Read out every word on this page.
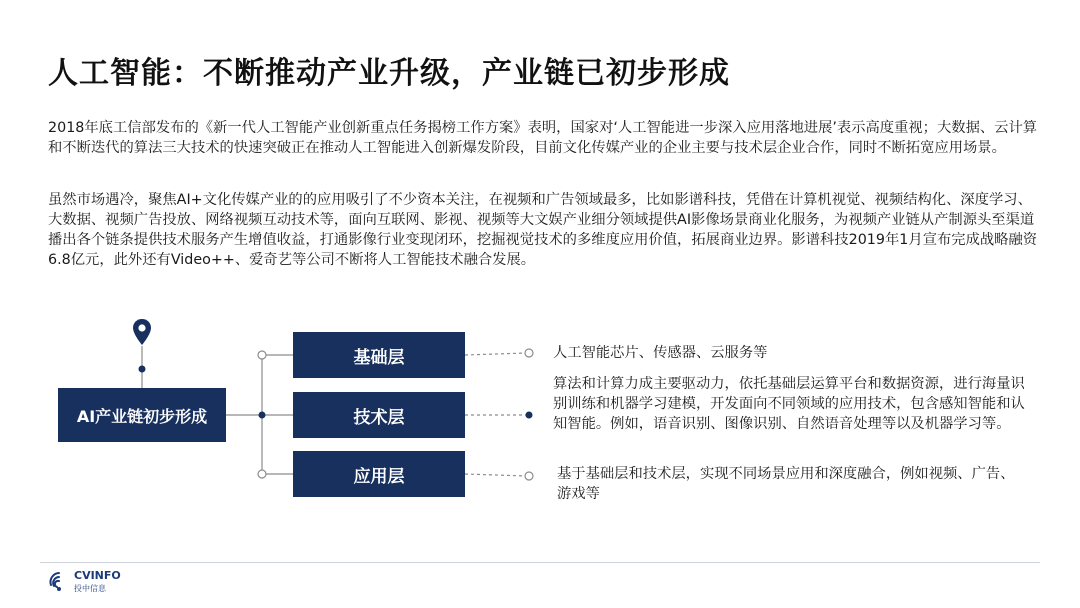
人工智能：不断推动产业升级，产业链已初步形成

2018年底工信部发布的《新一代人工智能产业创新重点任务揭榜工作方案》表明，国家对‘人工智能进一步深入应用落地进展’表示高度重视；大数据、云计算和不断迭代的算法三大技术的快速突破正在推动人工智能进入创新爆发阶段，目前文化传媒产业的企业主要与技术层企业合作，同时不断拓宽应用场景。

虽然市场遇冷，聚焦AI+文化传媒产业的的应用吸引了不少资本关注，在视频和广告领域最多，比如影谱科技，凭借在计算机视觉、视频结构化、深度学习、大数据、视频广告投放、网络视频互动技术等，面向互联网、影视、视频等大文娱产业细分领域提供AI影像场景商业化服务，为视频产业链从产制源头至渠道播出各个链条提供技术服务产生增值收益，打通影像行业变现闭环，挖掘视觉技术的多维度应用价值，拓展商业边界。影谱科技2019年1月宣布完成战略融资6.8亿元，此外还有Video++、爱奇艺等公司不断将人工智能技术融合发展。

AI产业链初步形成
基础层
技术层
应用层

人工智能芯片、传感器、云服务等

算法和计算力成主要驱动力，依托基础层运算平台和数据资源，进行海量识别训练和机器学习建模，开发面向不同领域的应用技术，包含感知智能和认知智能。例如，语音识别、图像识别、自然语音处理等以及机器学习等。

基于基础层和技术层，实现不同场景应用和深度融合，例如视频、广告、游戏等

CVINFO
投中信息
